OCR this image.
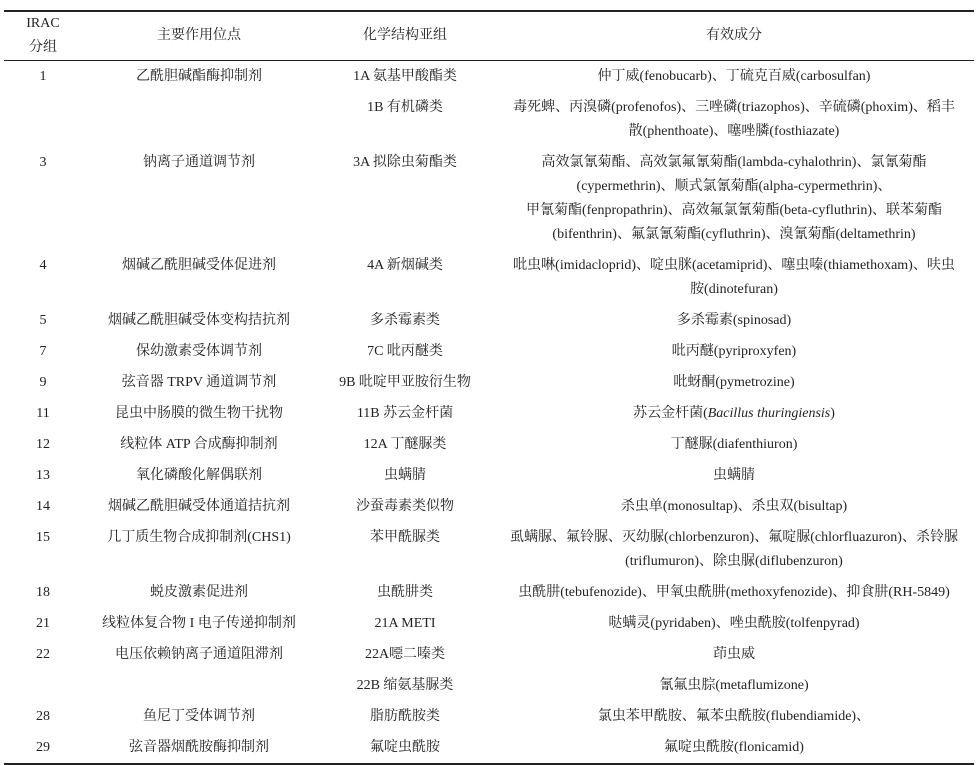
IRAC
分组	主要作用位点	化学结构亚组	有效成分
1	乙酰胆碱酯酶抑制剂	1A 氨基甲酸酯类	仲丁威(fenobucarb)、丁硫克百威(carbosulfan)

		1B 有机磷类	毒死蜱、丙溴磷(profenofos)、三唑磷(triazophos)、辛硫磷(phoxim)、稻丰
散(phenthoate)、噻唑膦(fosthiazate)

3	钠离子通道调节剂	3A 拟除虫菊酯类	高效氯氰菊酯、高效氯氟氰菊酯(lambda-cyhalothrin)、氯氰菊酯
(cypermethrin)、顺式氯氰菊酯(alpha-cypermethrin)、
甲氰菊酯(fenpropathrin)、高效氟氯氰菊酯(beta-cyfluthrin)、联苯菊酯
(bifenthrin)、氟氯氰菊酯(cyfluthrin)、溴氰菊酯(deltamethrin)

4	烟碱乙酰胆碱受体促进剂	4A 新烟碱类	吡虫啉(imidacloprid)、啶虫脒(acetamiprid)、噻虫嗪(thiamethoxam)、呋虫
胺(dinotefuran)

5	烟碱乙酰胆碱受体变构拮抗剂	多杀霉素类	多杀霉素(spinosad)

7	保幼激素受体调节剂	7C 吡丙醚类	吡丙醚(pyriproxyfen)

9	弦音器 TRPV 通道调节剂	9B 吡啶甲亚胺衍生物	吡蚜酮(pymetrozine)

11	昆虫中肠膜的微生物干扰物	11B 苏云金杆菌	苏云金杆菌(Bacillus thuringiensis)

12	线粒体 ATP 合成酶抑制剂	12A 丁醚脲类	丁醚脲(diafenthiuron)

13	氧化磷酸化解偶联剂	虫螨腈	虫螨腈

14	烟碱乙酰胆碱受体通道拮抗剂	沙蚕毒素类似物	杀虫单(monosultap)、杀虫双(bisultap)

15	几丁质生物合成抑制剂(CHS1)	苯甲酰脲类	虱螨脲、氟铃脲、灭幼脲(chlorbenzuron)、氟啶脲(chlorfluazuron)、杀铃脲
(triflumuron)、除虫脲(diflubenzuron)

18	蜕皮激素促进剂	虫酰肼类	虫酰肼(tebufenozide)、甲氧虫酰肼(methoxyfenozide)、抑食肼(RH-5849)

21	线粒体复合物 I 电子传递抑制剂	21A METI	哒螨灵(pyridaben)、唑虫酰胺(tolfenpyrad)

22	电压依赖钠离子通道阻滞剂	22A噁二嗪类	茚虫威

		22B 缩氨基脲类	氰氟虫腙(metaflumizone)

28	鱼尼丁受体调节剂	脂肪酰胺类	氯虫苯甲酰胺、氟苯虫酰胺(flubendiamide)、

29	弦音器烟酰胺酶抑制剂	氟啶虫酰胺	氟啶虫酰胺(flonicamid)
